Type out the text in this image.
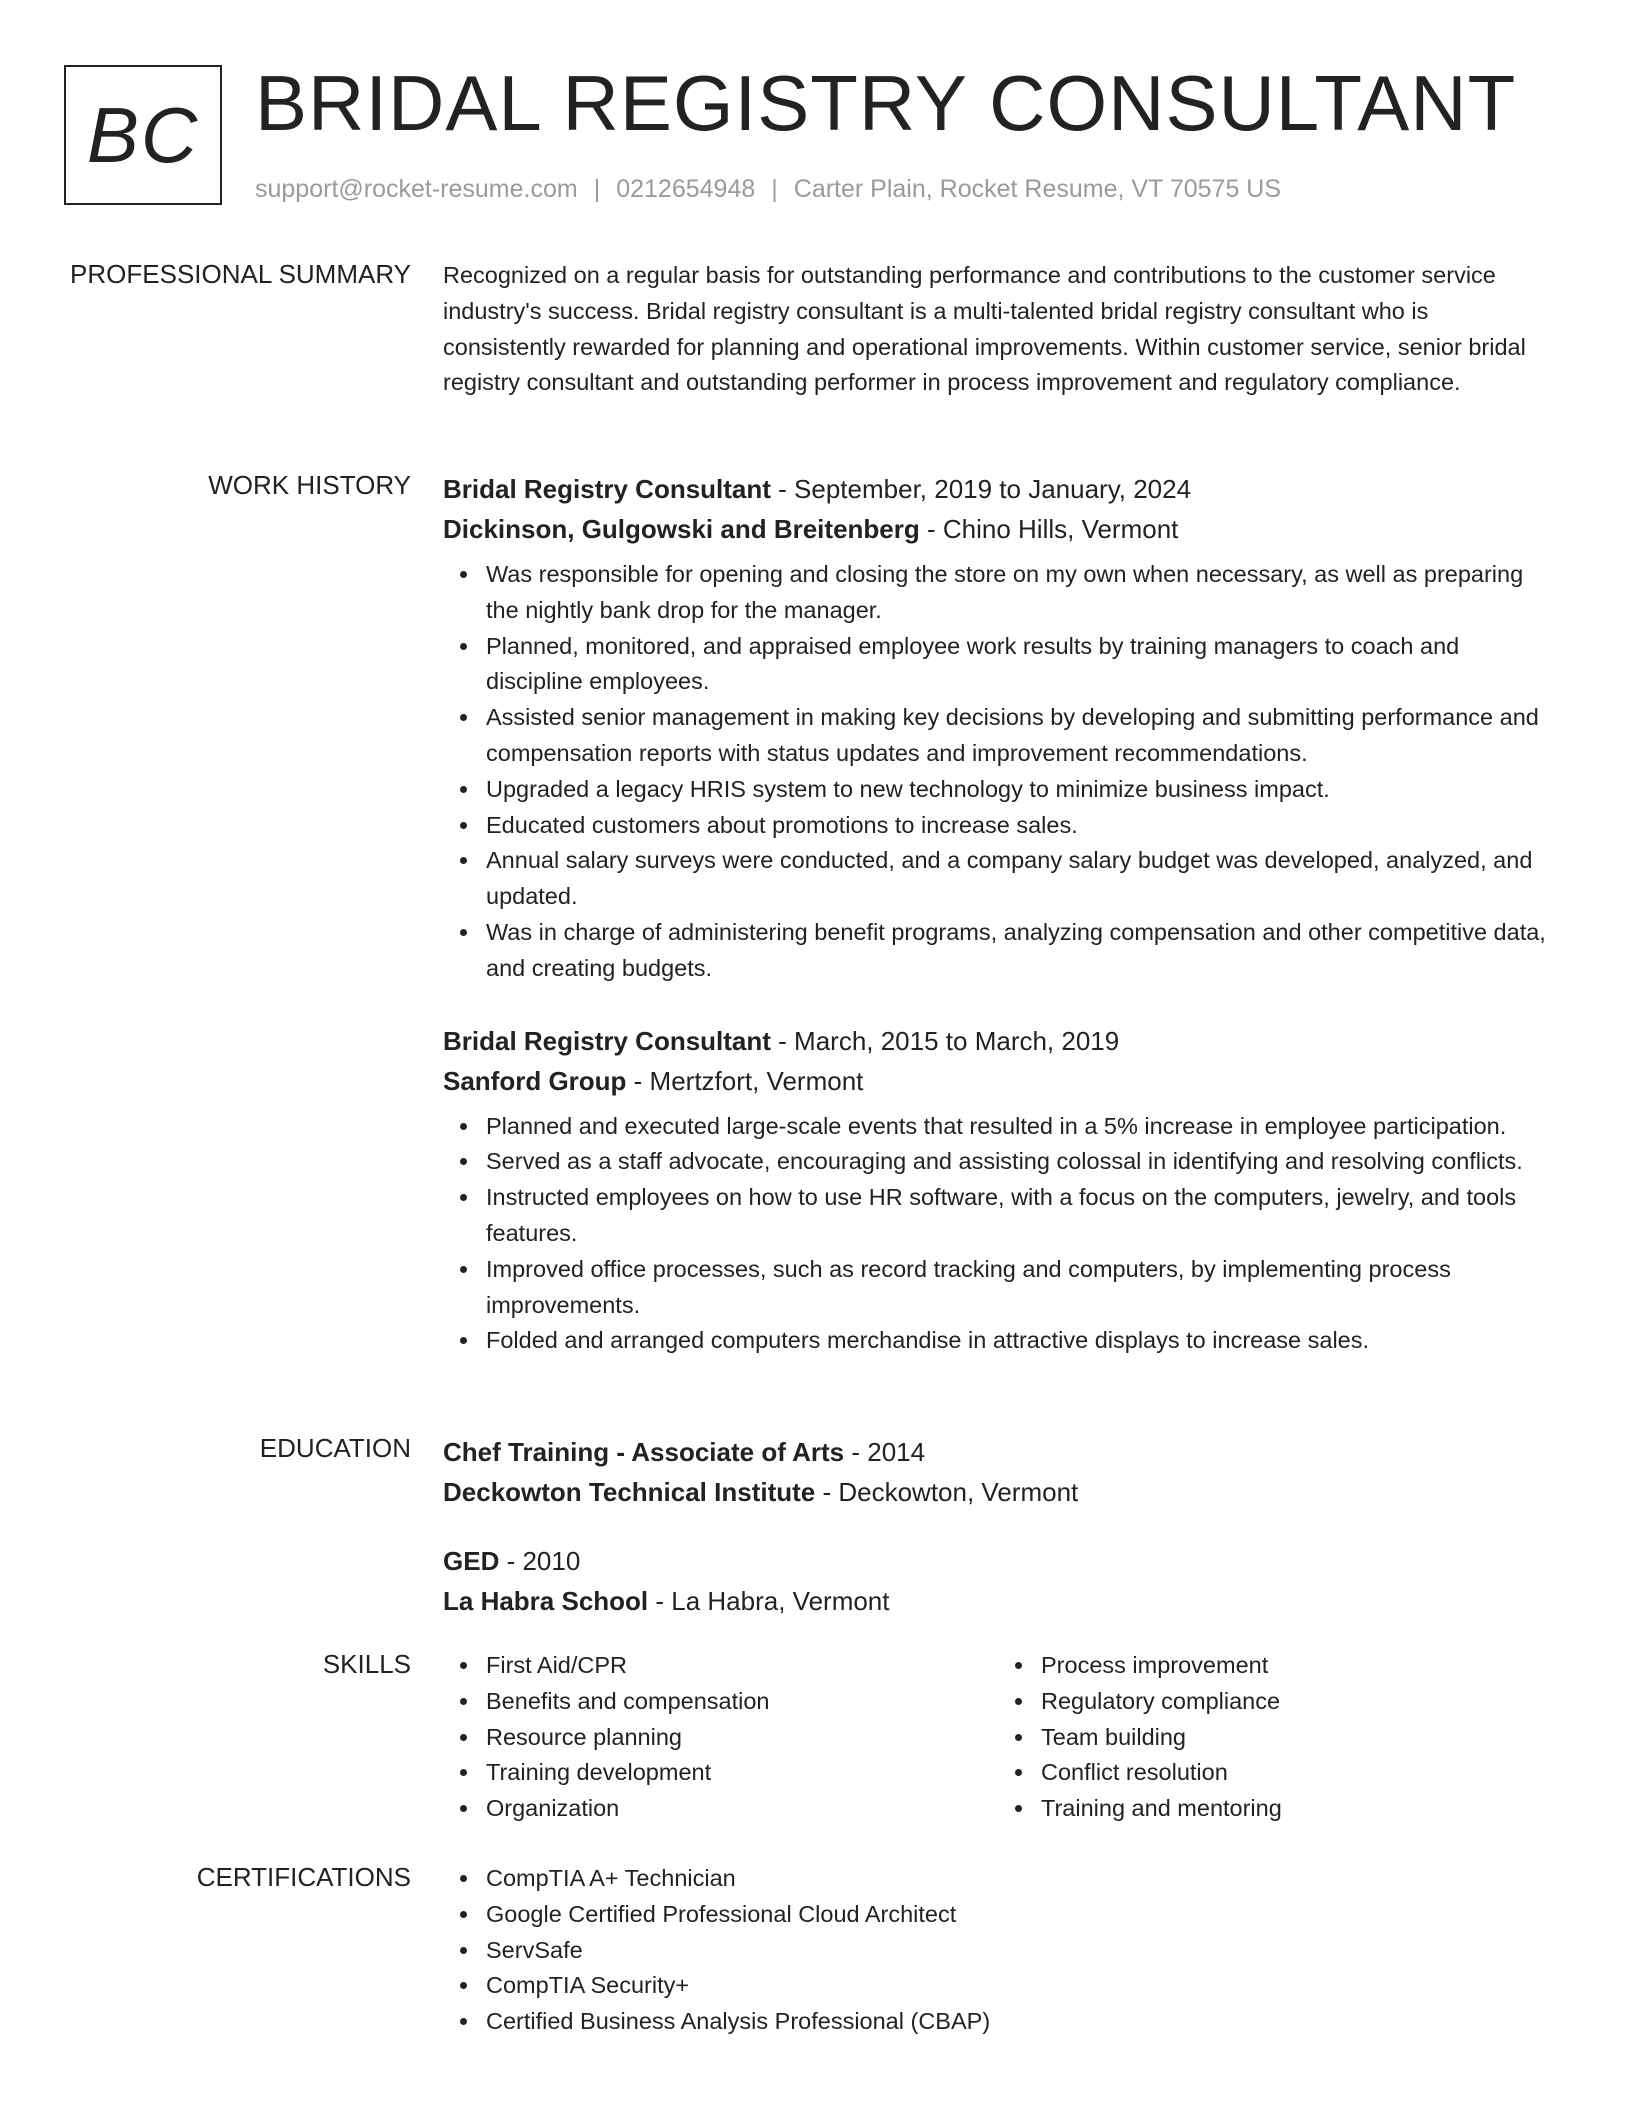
BC BRIDAL REGISTRY CONSULTANT
support@rocket-resume.com | 0212654948 | Carter Plain, Rocket Resume, VT 70575 US
PROFESSIONAL SUMMARY Recognized on a regular basis for outstanding performance and contributions to the customer service industry's success. Bridal registry consultant is a multi-talented bridal registry consultant who is consistently rewarded for planning and operational improvements. Within customer service, senior bridal registry consultant and outstanding performer in process improvement and regulatory compliance.

WORK HISTORY Bridal Registry Consultant - September, 2019 to January, 2024
Dickinson, Gulgowski and Breitenberg - Chino Hills, Vermont
Was responsible for opening and closing the store on my own when necessary, as well as preparing the nightly bank drop for the manager.
Planned, monitored, and appraised employee work results by training managers to coach and discipline employees.
Assisted senior management in making key decisions by developing and submitting performance and compensation reports with status updates and improvement recommendations.
Upgraded a legacy HRIS system to new technology to minimize business impact.
Educated customers about promotions to increase sales.
Annual salary surveys were conducted, and a company salary budget was developed, analyzed, and updated.
Was in charge of administering benefit programs, analyzing compensation and other competitive data, and creating budgets.
Bridal Registry Consultant - March, 2015 to March, 2019
Sanford Group - Mertzfort, Vermont
Planned and executed large-scale events that resulted in a 5% increase in employee participation.
Served as a staff advocate, encouraging and assisting colossal in identifying and resolving conflicts.
Instructed employees on how to use HR software, with a focus on the computers, jewelry, and tools features.
Improved office processes, such as record tracking and computers, by implementing process improvements.
Folded and arranged computers merchandise in attractive displays to increase sales.
EDUCATION Chef Training - Associate of Arts - 2014
Deckowton Technical Institute - Deckowton, Vermont
GED - 2010
La Habra School - La Habra, Vermont
SKILLS	First Aid/CPR
Benefits and compensation
Resource planning
Training development
Organization
Process improvement
Regulatory compliance
Team building
Conflict resolution
Training and mentoring
CERTIFICATIONS	CompTIA A+ Technician
Google Certified Professional Cloud Architect
ServSafe
CompTIA Security+
Certified Business Analysis Professional (CBAP)
